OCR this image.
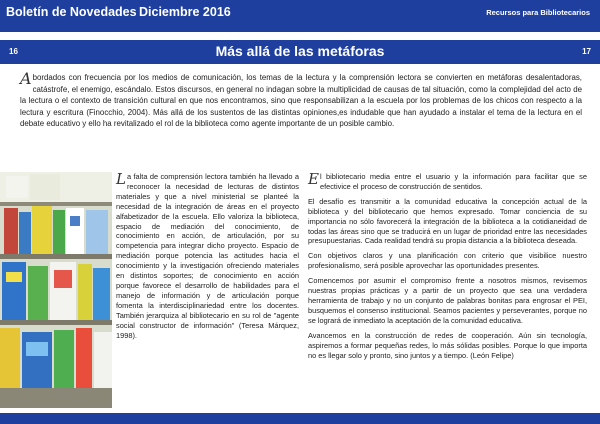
Boletín de Novedades Diciembre 2016	Recursos para Bibliotecarios
16	Más allá de las metáforas	17
Abordados con frecuencia por los medios de comunicación, los temas de la lectura y la comprensión lectora se convierten en metáforas desalentadoras, catástrofe, el enemigo, escándalo. Estos discursos, en general no indagan sobre la multiplicidad de causas de tal situación, como la complejidad del acto de la lectura o el contexto de transición cultural en que nos encontramos, sino que responsabilizan a la escuela por los problemas de los chicos con respecto a la lectura y escritura (Finocchio, 2004). Más allá de los sustentos de las distintas opiniones,es indudable que han ayudado a instalar el tema de la lectura en el debate educativo y ello ha revitalizado el rol de la biblioteca como agente importante de un posible cambio.
La falta de comprensión lectora también ha llevado a reconocer la necesidad de lecturas de distintos materiales y que a nivel ministerial se planteé la necesidad de la integración de áreas en el proyecto alfabetizador de la escuela. Ello valoriza la biblioteca, espacio de mediación del conocimiento, de conocimiento en acción, de articulación, por su competencia para integrar dicho proyecto. Espacio de mediación porque potencia las actitudes hacia el conocimiento y la investigación ofreciendo materiales en distintos soportes; de conocimiento en acción porque favorece el desarrollo de habilidades para el manejo de información y de articulación porque fomenta la interdisciplinariedad entre los docentes. También jerarquiza al bibliotecario en su rol de "agente social constructor de información" (Teresa Márquez, 1998).

El bibliotecario media entre el usuario y la información para facilitar que se efectivice el proceso de construcción de sentidos.

El desafío es transmitir a la comunidad educativa la concepción actual de la biblioteca y del bibliotecario que hemos expresado. Tomar conciencia de su importancia no sólo favorecerá la integración de la biblioteca a la cotidianeidad de todas las áreas sino que se traducirá en un lugar de prioridad entre las necesidades presupuestarias. Cada realidad tendrá su propia distancia a la biblioteca deseada.

Con objetivos claros y una planificación con criterio que visibilice nuestro profesionalismo, será posible aprovechar las oportunidades presentes.

Comencemos por asumir el compromiso frente a nosotros mismos, revisemos nuestras propias prácticas y a partir de un proyecto que sea una verdadera herramienta de trabajo y no un conjunto de palabras bonitas para engrosar el PEI, busquemos el consenso institucional. Seamos pacientes y perseverantes, porque no se logrará de inmediato la aceptación de la comunidad educativa.

Avancemos en la construcción de redes de cooperación. Aún sin tecnología, aspiremos a formar pequeñas redes, lo más sólidas posibles. Porque lo que importa no es llegar solo y pronto, sino juntos y a tiempo. (León Felipe)
